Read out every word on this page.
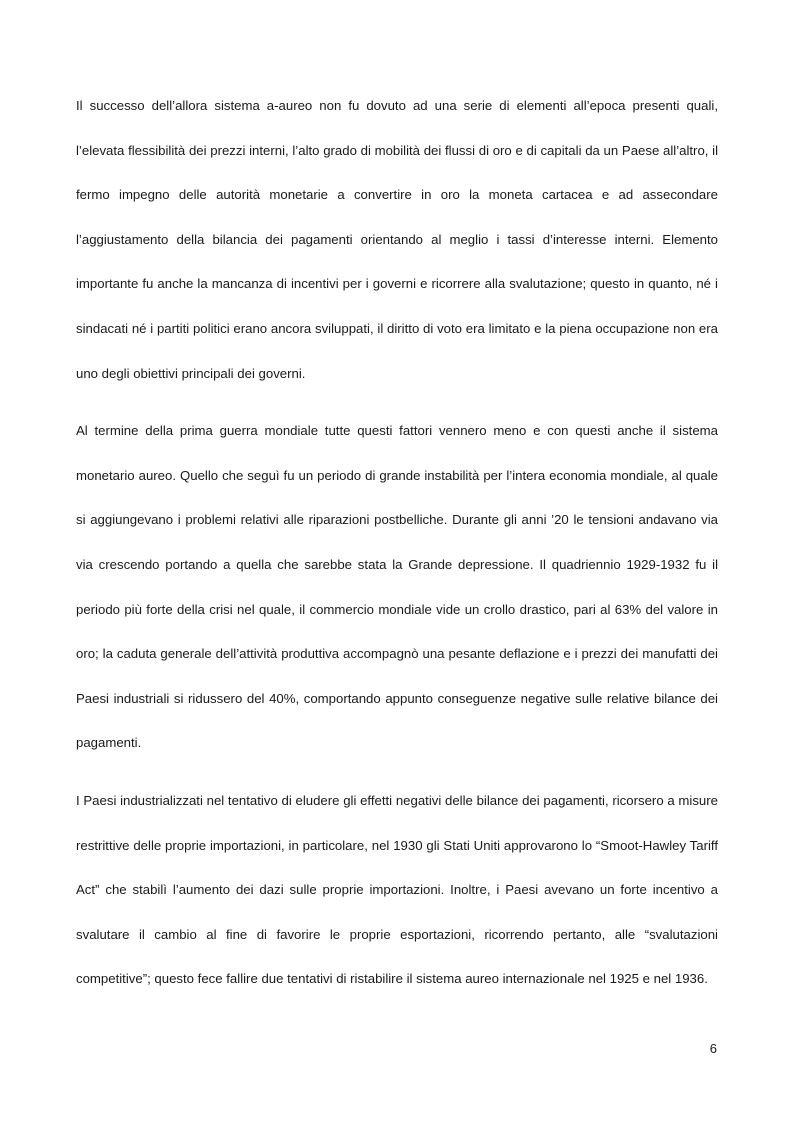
Il successo dell’allora sistema a-aureo non fu dovuto ad una serie di elementi all’epoca presenti quali, l’elevata flessibilità dei prezzi interni, l’alto grado di mobilità dei flussi di oro e di capitali da un Paese all’altro, il fermo impegno delle autorità monetarie a convertire in oro la moneta cartacea e ad assecondare l’aggiustamento della bilancia dei pagamenti orientando al meglio i tassi d’interesse interni. Elemento importante fu anche la mancanza di incentivi per i governi e ricorrere alla svalutazione; questo in quanto, né i sindacati né i partiti politici erano ancora sviluppati, il diritto di voto era limitato e la piena occupazione non era uno degli obiettivi principali dei governi.

Al termine della prima guerra mondiale tutte questi fattori vennero meno e con questi anche il sistema monetario aureo. Quello che seguì fu un periodo di grande instabilità per l’intera economia mondiale, al quale si aggiungevano i problemi relativi alle riparazioni postbelliche. Durante gli anni ’20 le tensioni andavano via via crescendo portando a quella che sarebbe stata la Grande depressione. Il quadriennio 1929-1932 fu il periodo più forte della crisi nel quale, il commercio mondiale vide un crollo drastico, pari al 63% del valore in oro; la caduta generale dell’attività produttiva accompagnò una pesante deflazione e i prezzi dei manufatti dei Paesi industriali si ridussero del 40%, comportando appunto conseguenze negative sulle relative bilance dei pagamenti.

I Paesi industrializzati nel tentativo di eludere gli effetti negativi delle bilance dei pagamenti, ricorsero a misure restrittive delle proprie importazioni, in particolare, nel 1930 gli Stati Uniti approvarono lo “Smoot-Hawley Tariff Act” che stabilì l’aumento dei dazi sulle proprie importazioni. Inoltre, i Paesi avevano un forte incentivo a svalutare il cambio al fine di favorire le proprie esportazioni, ricorrendo pertanto, alle “svalutazioni competitive”; questo fece fallire due tentativi di ristabilire il sistema aureo internazionale nel 1925 e nel 1936.

6
